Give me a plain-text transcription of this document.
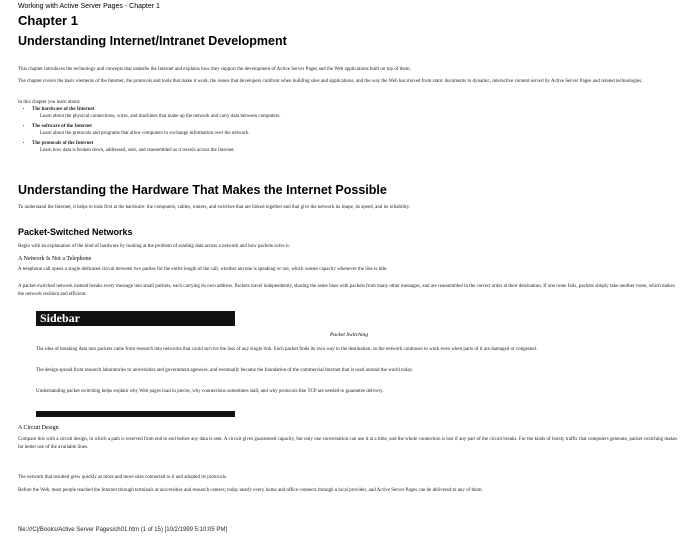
Working with Active Server Pages - Chapter 1
Chapter 1
Understanding Internet/Intranet Development
This chapter introduces the technology and concepts that underlie the Internet and explains how they support the development of Active Server Pages and the Web applications built on top of them.
The chapter covers the basic elements of the Internet, the protocols and tools that make it work, the issues that developers confront when building sites and applications, and the way the Web has moved from static documents to dynamic, interactive content served by Active Server Pages and related technologies.
In this chapter you learn about:
• The hardware of the Internet
Learn about the physical connections, wires, and machines that make up the network and carry data between computers.
• The software of the Internet
Learn about the protocols and programs that allow computers to exchange information over the network.
• The protocols of the Internet
Learn how data is broken down, addressed, sent, and reassembled as it travels across the Internet.
Understanding the Hardware That Makes the Internet Possible
To understand the Internet, it helps to look first at the hardware: the computers, cables, routers, and switches that are linked together and that give the network its shape, its speed, and its reliability.
Packet-Switched Networks
Begin with an explanation of the kind of hardware by looking at the problem of sending data across a network and how packets solve it.
A Network Is Not a Telephone
A telephone call opens a single dedicated circuit between two parties for the entire length of the call, whether anyone is speaking or not, which wastes capacity whenever the line is idle.
A packet-switched network instead breaks every message into small packets, each carrying its own address. Packets travel independently, sharing the same lines with packets from many other messages, and are reassembled in the correct order at their destination. If one route fails, packets simply take another route, which makes the network resilient and efficient.
Sidebar
Packet Switching
The idea of breaking data into packets came from research into networks that could survive the loss of any single link. Each packet finds its own way to the destination, so the network continues to work even when parts of it are damaged or congested.
The design spread from research laboratories to universities and government agencies, and eventually became the foundation of the commercial Internet that is used around the world today.
Understanding packet switching helps explain why Web pages load in pieces, why connections sometimes stall, and why protocols like TCP are needed to guarantee delivery.
A Circuit Design
Compare this with a circuit design, in which a path is reserved from end to end before any data is sent. A circuit gives guaranteed capacity, but only one conversation can use it at a time, and the whole connection is lost if any part of the circuit breaks. For the kinds of bursty traffic that computers generate, packet switching makes far better use of the available lines.
The network that resulted grew quickly as more and more sites connected to it and adopted its protocols.
Before the Web, most people reached the Internet through terminals at universities and research centers; today nearly every home and office connects through a local provider, and Active Server Pages can be delivered to any of them.
file:///C|/Books/Active Server Pages/ch01.htm (1 of 15) [10/2/1999 5:10:05 PM]
